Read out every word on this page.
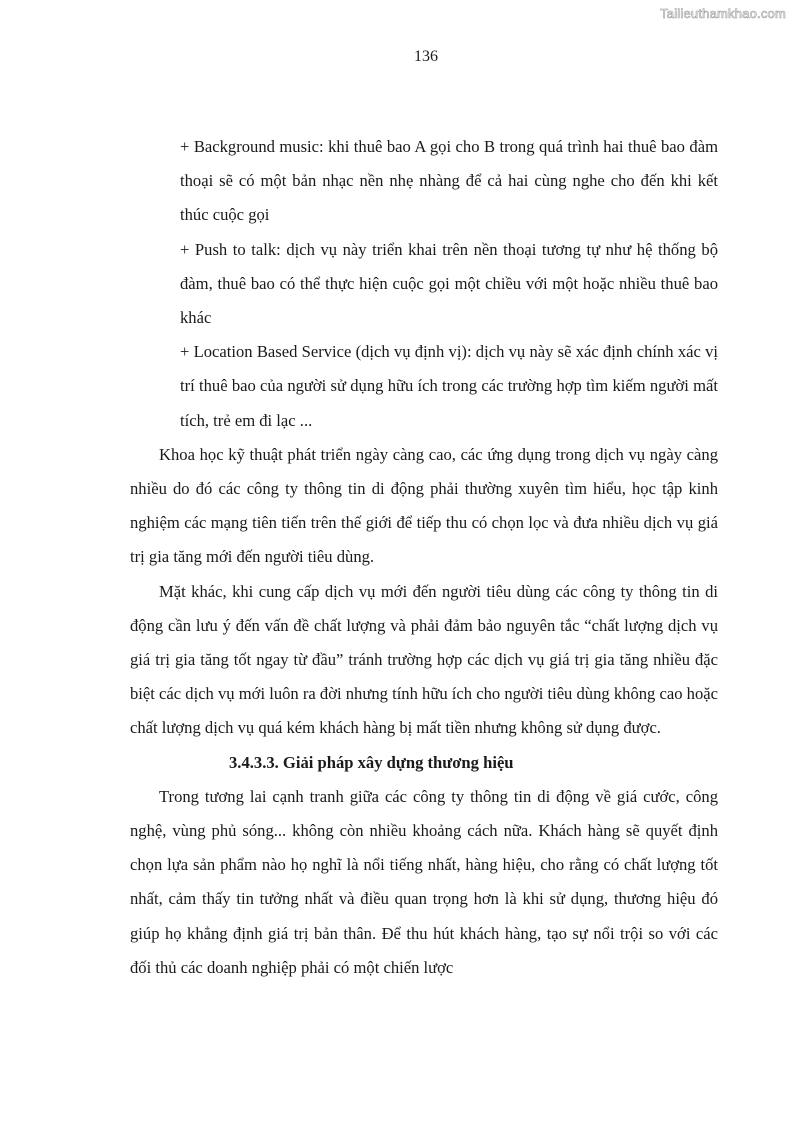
Tailieuthamkhao.com
136

+ Background music: khi thuê bao A gọi cho B trong quá trình hai thuê bao đàm thoại sẽ có một bản nhạc nền nhẹ nhàng để cả hai cùng nghe cho đến khi kết thúc cuộc gọi

+ Push to talk: dịch vụ này triển khai trên nền thoại tương tự như hệ thống bộ đàm, thuê bao có thể thực hiện cuộc gọi một chiều với một hoặc nhiều thuê bao khác

+ Location Based Service (dịch vụ định vị): dịch vụ này sẽ xác định chính xác vị trí thuê bao của người sử dụng hữu ích trong các trường hợp tìm kiếm người mất tích, trẻ em đi lạc ...

Khoa học kỹ thuật phát triển ngày càng cao, các ứng dụng trong dịch vụ ngày càng nhiều do đó các công ty thông tin di động phải thường xuyên tìm hiểu, học tập kinh nghiệm các mạng tiên tiến trên thế giới để tiếp thu có chọn lọc và đưa nhiều dịch vụ giá trị gia tăng mới đến người tiêu dùng.

Mặt khác, khi cung cấp dịch vụ mới đến người tiêu dùng các công ty thông tin di động cần lưu ý đến vấn đề chất lượng và phải đảm bảo nguyên tắc “chất lượng dịch vụ giá trị gia tăng tốt ngay từ đầu” tránh trường hợp các dịch vụ giá trị gia tăng nhiều đặc biệt các dịch vụ mới luôn ra đời nhưng tính hữu ích cho người tiêu dùng không cao hoặc chất lượng dịch vụ quá kém khách hàng bị mất tiền nhưng không sử dụng được.

3.4.3.3. Giải pháp xây dựng thương hiệu

Trong tương lai cạnh tranh giữa các công ty thông tin di động về giá cước, công nghệ, vùng phủ sóng... không còn nhiều khoảng cách nữa. Khách hàng sẽ quyết định chọn lựa sản phẩm nào họ nghĩ là nổi tiếng nhất, hàng hiệu, cho rằng có chất lượng tốt nhất, cảm thấy tin tưởng nhất và điều quan trọng hơn là khi sử dụng, thương hiệu đó giúp họ khẳng định giá trị bản thân. Để thu hút khách hàng, tạo sự nổi trội so với các đối thủ các doanh nghiệp phải có một chiến lược
